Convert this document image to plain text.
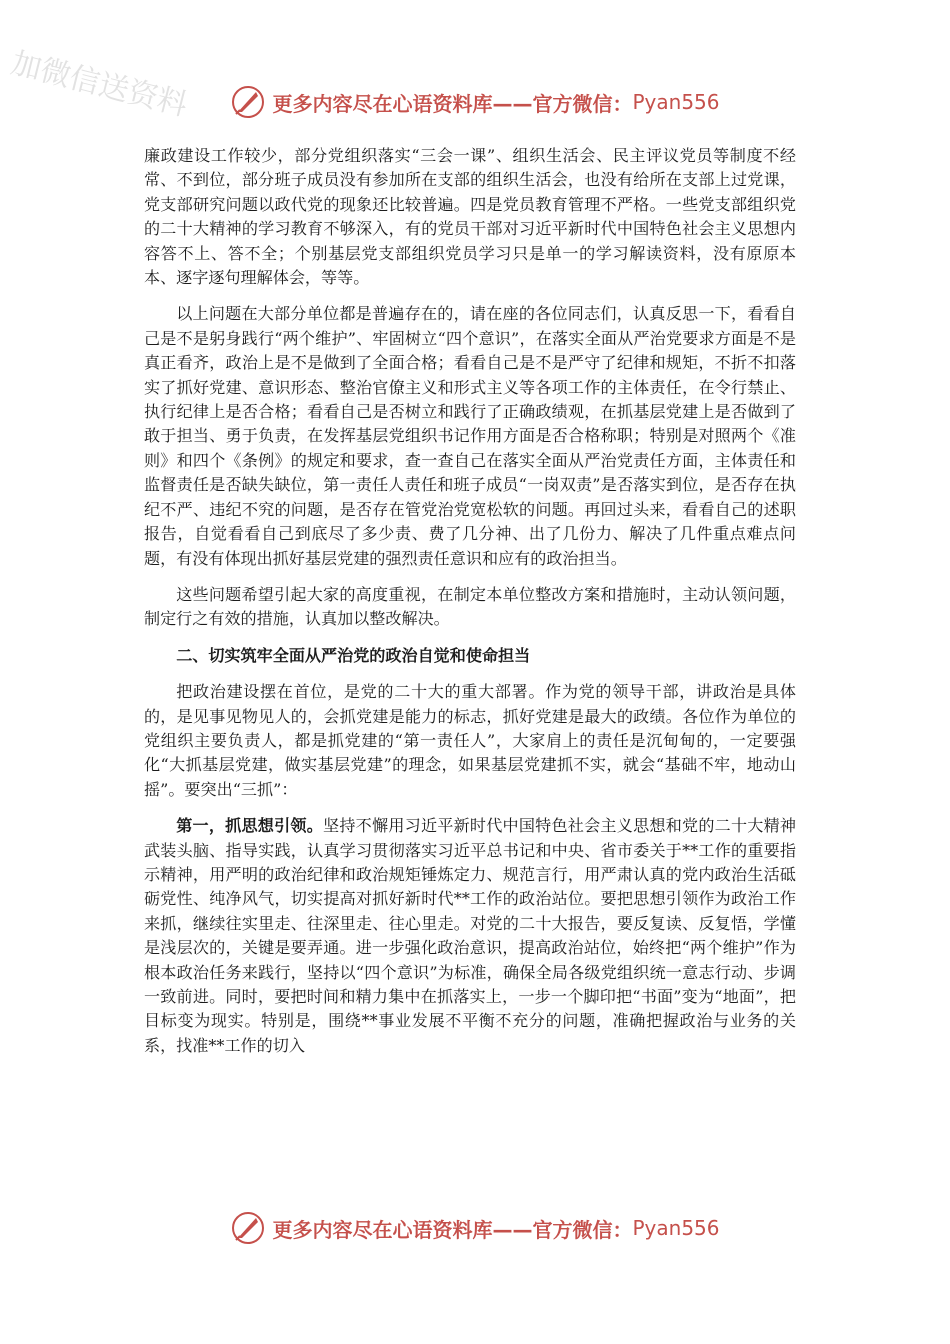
加微信送资料	更多内容尽在心语资料库——官方微信： Pyan556

廉政建设工作较少，部分党组织落实“三会一课”、组织生活会、民主评议党员等制度不经常、不到位，部分班子成员没有参加所在支部的组织生活会，也没有给所在支部上过党课，党支部研究问题以政代党的现象还比较普遍。四是党员教育管理不严格。一些党支部组织党的二十大精神的学习教育不够深入，有的党员干部对习近平新时代中国特色社会主义思想内容答不上、答不全；个别基层党支部组织党员学习只是单一的学习解读资料，没有原原本本、逐字逐句理解体会，等等。

以上问题在大部分单位都是普遍存在的，请在座的各位同志们，认真反思一下，看看自己是不是躬身践行“两个维护”、牢固树立“四个意识”，在落实全面从严治党要求方面是不是真正看齐，政治上是不是做到了全面合格；看看自己是不是严守了纪律和规矩，不折不扣落实了抓好党建、意识形态、整治官僚主义和形式主义等各项工作的主体责任，在令行禁止、执行纪律上是否合格；看看自己是否树立和践行了正确政绩观，在抓基层党建上是否做到了敢于担当、勇于负责，在发挥基层党组织书记作用方面是否合格称职；特别是对照两个《准则》和四个《条例》的规定和要求，查一查自己在落实全面从严治党责任方面，主体责任和监督责任是否缺失缺位，第一责任人责任和班子成员“一岗双责”是否落实到位，是否存在执纪不严、违纪不究的问题，是否存在管党治党宽松软的问题。再回过头来，看看自己的述职报告，自觉看看自己到底尽了多少责、费了几分神、出了几份力、解决了几件重点难点问题，有没有体现出抓好基层党建的强烈责任意识和应有的政治担当。

这些问题希望引起大家的高度重视，在制定本单位整改方案和措施时，主动认领问题，制定行之有效的措施，认真加以整改解决。

二、切实筑牢全面从严治党的政治自觉和使命担当

把政治建设摆在首位，是党的二十大的重大部署。作为党的领导干部，讲政治是具体的，是见事见物见人的，会抓党建是能力的标志，抓好党建是最大的政绩。各位作为单位的党组织主要负责人，都是抓党建的“第一责任人”，大家肩上的责任是沉甸甸的，一定要强化“大抓基层党建，做实基层党建”的理念，如果基层党建抓不实，就会“基础不牢，地动山摇”。要突出“三抓”：

第一，抓思想引领。坚持不懈用习近平新时代中国特色社会主义思想和党的二十大精神武装头脑、指导实践，认真学习贯彻落实习近平总书记和中央、省市委关于**工作的重要指示精神，用严明的政治纪律和政治规矩锤炼定力、规范言行，用严肃认真的党内政治生活砥砺党性、纯净风气，切实提高对抓好新时代**工作的政治站位。要把思想引领作为政治工作来抓，继续往实里走、往深里走、往心里走。对党的二十大报告，要反复读、反复悟，学懂是浅层次的，关键是要弄通。进一步强化政治意识，提高政治站位，始终把“两个维护”作为根本政治任务来践行，坚持以“四个意识”为标准，确保全局各级党组织统一意志行动、步调一致前进。同时，要把时间和精力集中在抓落实上，一步一个脚印把“书面”变为“地面”，把目标变为现实。特别是，围绕**事业发展不平衡不充分的问题，准确把握政治与业务的关系，找准**工作的切入

更多内容尽在心语资料库——官方微信： Pyan556
